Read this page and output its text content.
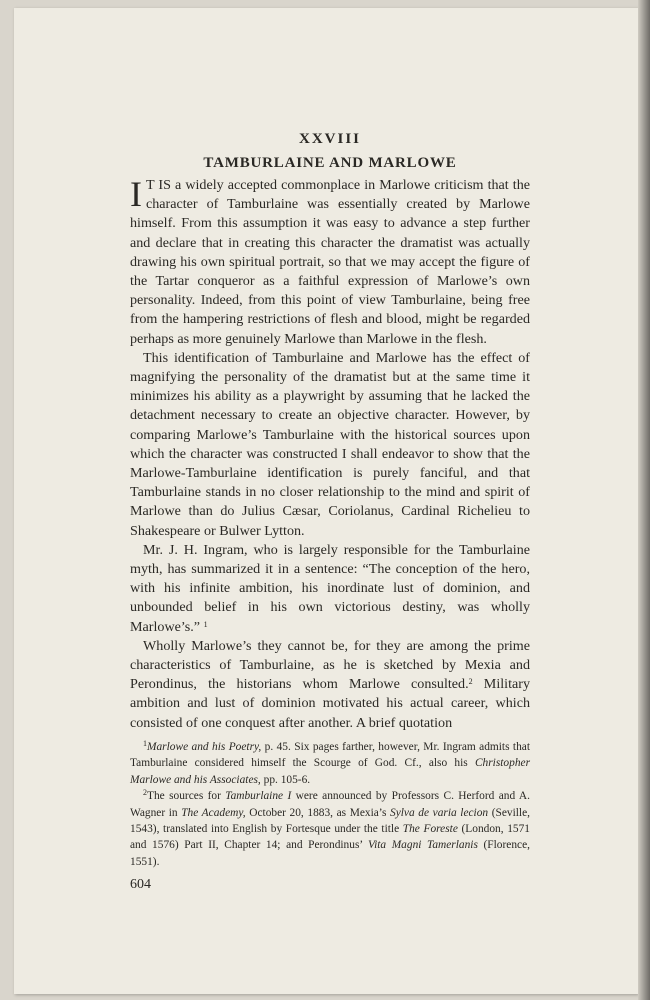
XXVIII
TAMBURLAINE AND MARLOWE

I T IS a widely accepted commonplace in Marlowe criticism that the character of Tamburlaine was essentially created by Marlowe himself. From this assumption it was easy to advance a step further and declare that in creating this character the dramatist was actually drawing his own spiritual portrait, so that we may accept the figure of the Tartar conqueror as a faithful expression of Marlowe’s own personality. Indeed, from this point of view Tamburlaine, being free from the hampering restrictions of flesh and blood, might be regarded perhaps as more genuinely Marlowe than Marlowe in the flesh.

This identification of Tamburlaine and Marlowe has the effect of magnifying the personality of the dramatist but at the same time it minimizes his ability as a playwright by assuming that he lacked the detachment necessary to create an objective character. However, by comparing Marlowe’s Tamburlaine with the historical sources upon which the character was constructed I shall endeavor to show that the Marlowe-Tamburlaine identification is purely fanciful, and that Tamburlaine stands in no closer relationship to the mind and spirit of Marlowe than do Julius Cæsar, Coriolanus, Cardinal Richelieu to Shakespeare or Bulwer Lytton.

Mr. J. H. Ingram, who is largely responsible for the Tamburlaine myth, has summarized it in a sentence: “The conception of the hero, with his infinite ambition, his inordinate lust of dominion, and unbounded belief in his own victorious destiny, was wholly Marlowe’s.” $^1$

Wholly Marlowe’s they cannot be, for they are among the prime characteristics of Tamburlaine, as he is sketched by Mexia and Perondinus, the historians whom Marlowe consulted.$^2$ Military ambition and lust of dominion motivated his actual career, which consisted of one conquest after another. A brief quotation

$^1$Marlowe and his Poetry, p. 45. Six pages farther, however, Mr. Ingram admits that Tamburlaine considered himself the Scourge of God. Cf., also his Christopher Marlowe and his Associates, pp. 105-6.

$^2$The sources for Tamburlaine I were announced by Professors C. Herford and A. Wagner in The Academy, October 20, 1883, as Mexia’s Sylva de varia lecion (Seville, 1543), translated into English by Fortesque under the title The Foreste (London, 1571 and 1576) Part II, Chapter 14; and Perondinus’ Vita Magni Tamerlanis (Florence, 1551).

604
